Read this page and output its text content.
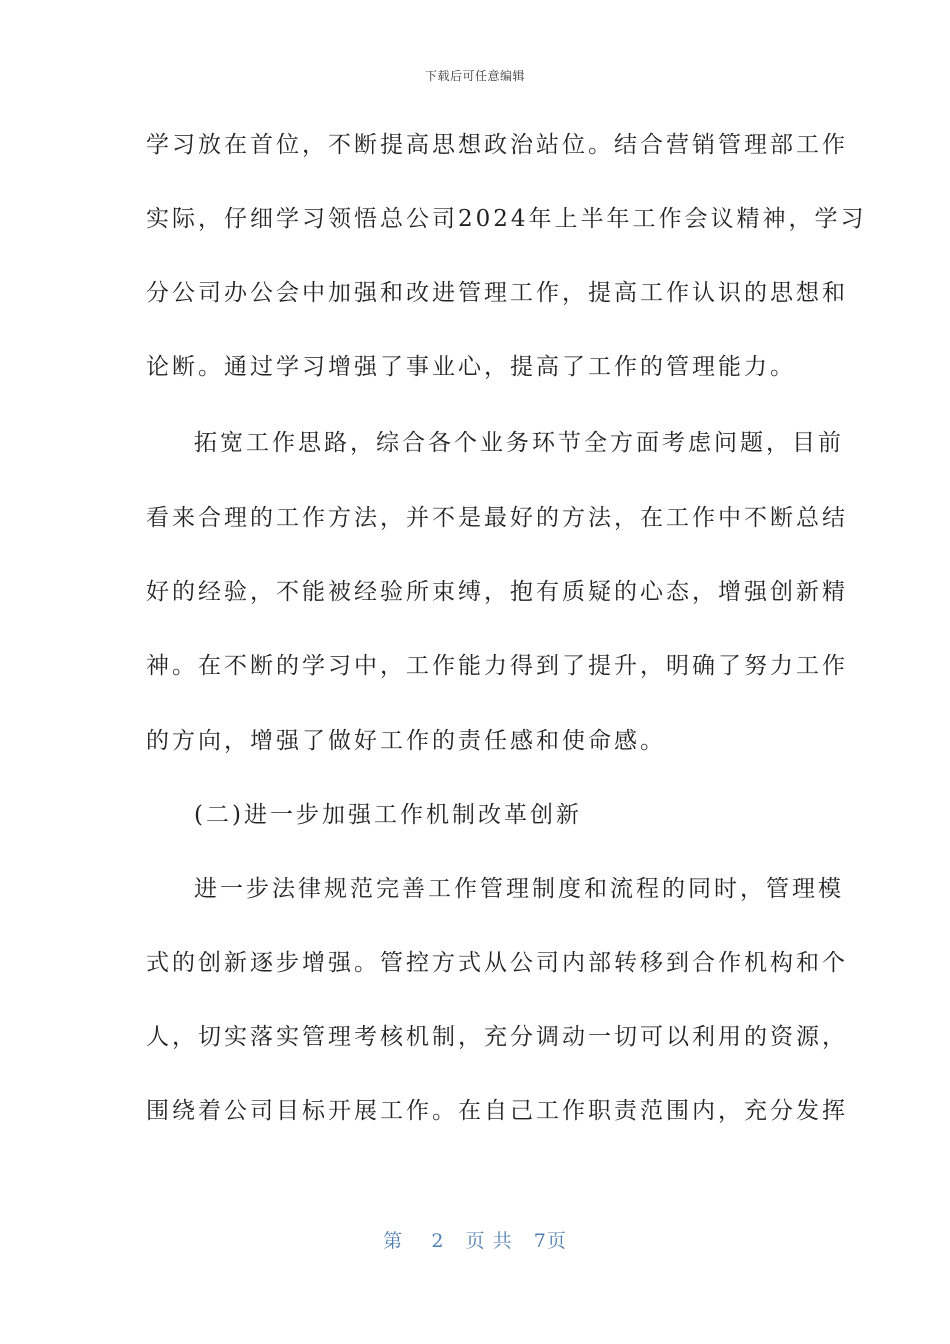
下载后可任意编辑
学习放在首位，不断提高思想政治站位。结合营销管理部工作
实际，仔细学习领悟总公司2024年上半年工作会议精神，学习
分公司办公会中加强和改进管理工作，提高工作认识的思想和
论断。通过学习增强了事业心，提高了工作的管理能力。
拓宽工作思路，综合各个业务环节全方面考虑问题，目前
看来合理的工作方法，并不是最好的方法，在工作中不断总结
好的经验，不能被经验所束缚，抱有质疑的心态，增强创新精
神。在不断的学习中，工作能力得到了提升，明确了努力工作
的方向，增强了做好工作的责任感和使命感。
(二)进一步加强工作机制改革创新
进一步法律规范完善工作管理制度和流程的同时，管理模
式的创新逐步增强。管控方式从公司内部转移到合作机构和个
人，切实落实管理考核机制，充分调动一切可以利用的资源，
围绕着公司目标开展工作。在自己工作职责范围内，充分发挥
第 2 页 共 7页
